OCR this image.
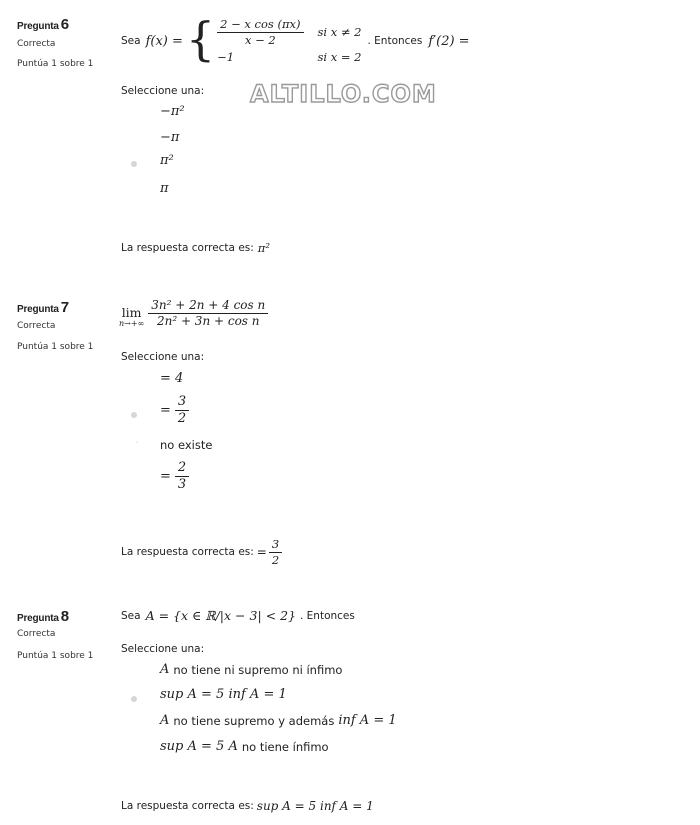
ALTILLO.COM
Pregunta 6
Correcta
Puntúa 1 sobre 1
Sea f(x) = { $\frac{\text{2 − x cos (πx)}}{x - 2}$ si x ≠ 2
−1	si x = 2
. Entonces f′(2) =
Seleccione una:
−π²
−π
π²
π
La respuesta correcta es: π²
Pregunta 7
Correcta
Puntúa 1 sobre 1
lim
$n\to+\infty \frac{\text{3n² + 2n + 4 cos n}}{\text{2n² + 3n + cos n}}$
Seleccione una:
= 4
= $\frac{3}{2}$
no existe
= $\frac{2}{3}$
La respuesta correcta es: = $\frac{3}{2}$
Pregunta 8
Correcta
Puntúa 1 sobre 1
Sea A = {x ∈ ℝ/|x − 3| < 2} . Entonces
Seleccione una:
A no tiene ni supremo ni ínfimo
sup A = 5 inf A = 1
A no tiene supremo y además inf A = 1
sup A = 5 A no tiene ínfimo
La respuesta correcta es: sup A = 5 inf A = 1
